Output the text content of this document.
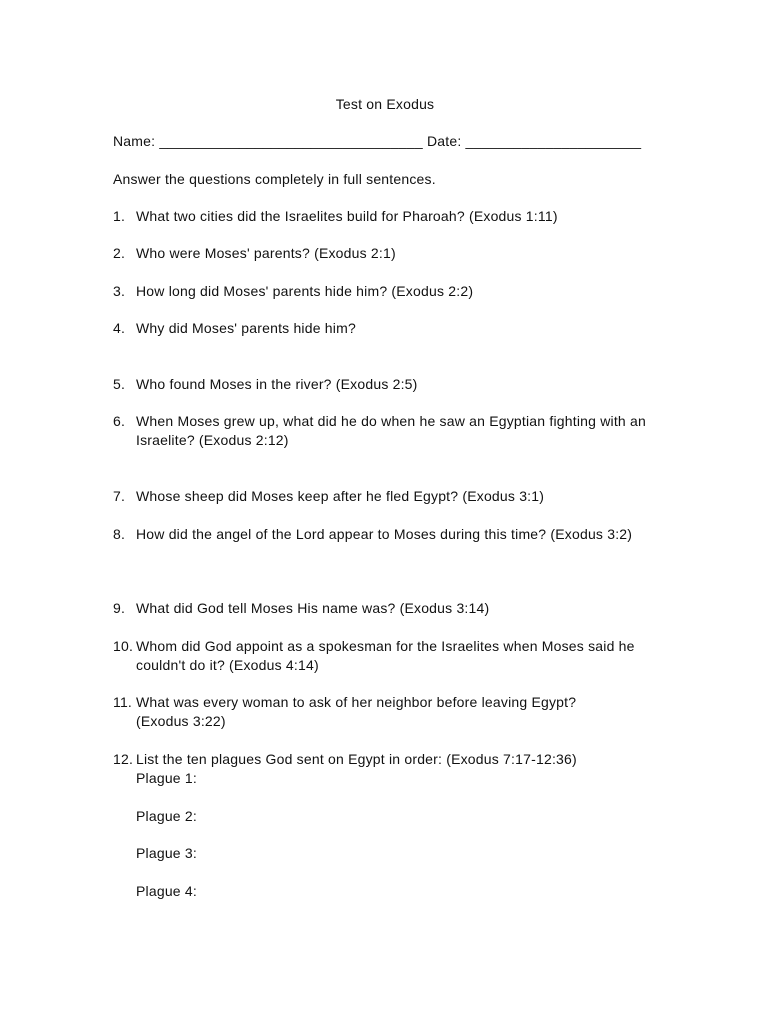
Test on Exodus
Name: _________________________________ Date: ______________________
Answer the questions completely in full sentences.
1. What two cities did the Israelites build for Pharoah? (Exodus 1:11)
2. Who were Moses' parents? (Exodus 2:1)
3. How long did Moses' parents hide him? (Exodus 2:2)
4. Why did Moses' parents hide him?
5. Who found Moses in the river? (Exodus 2:5)
6. When Moses grew up, what did he do when he saw an Egyptian fighting with an Israelite? (Exodus 2:12)
7. Whose sheep did Moses keep after he fled Egypt? (Exodus 3:1)
8. How did the angel of the Lord appear to Moses during this time? (Exodus 3:2)
9. What did God tell Moses His name was? (Exodus 3:14)
10. Whom did God appoint as a spokesman for the Israelites when Moses said he couldn't do it? (Exodus 4:14)
11. What was every woman to ask of her neighbor before leaving Egypt? (Exodus 3:22)
12. List the ten plagues God sent on Egypt in order: (Exodus 7:17-12:36)
Plague 1:
Plague 2:
Plague 3:
Plague 4:
